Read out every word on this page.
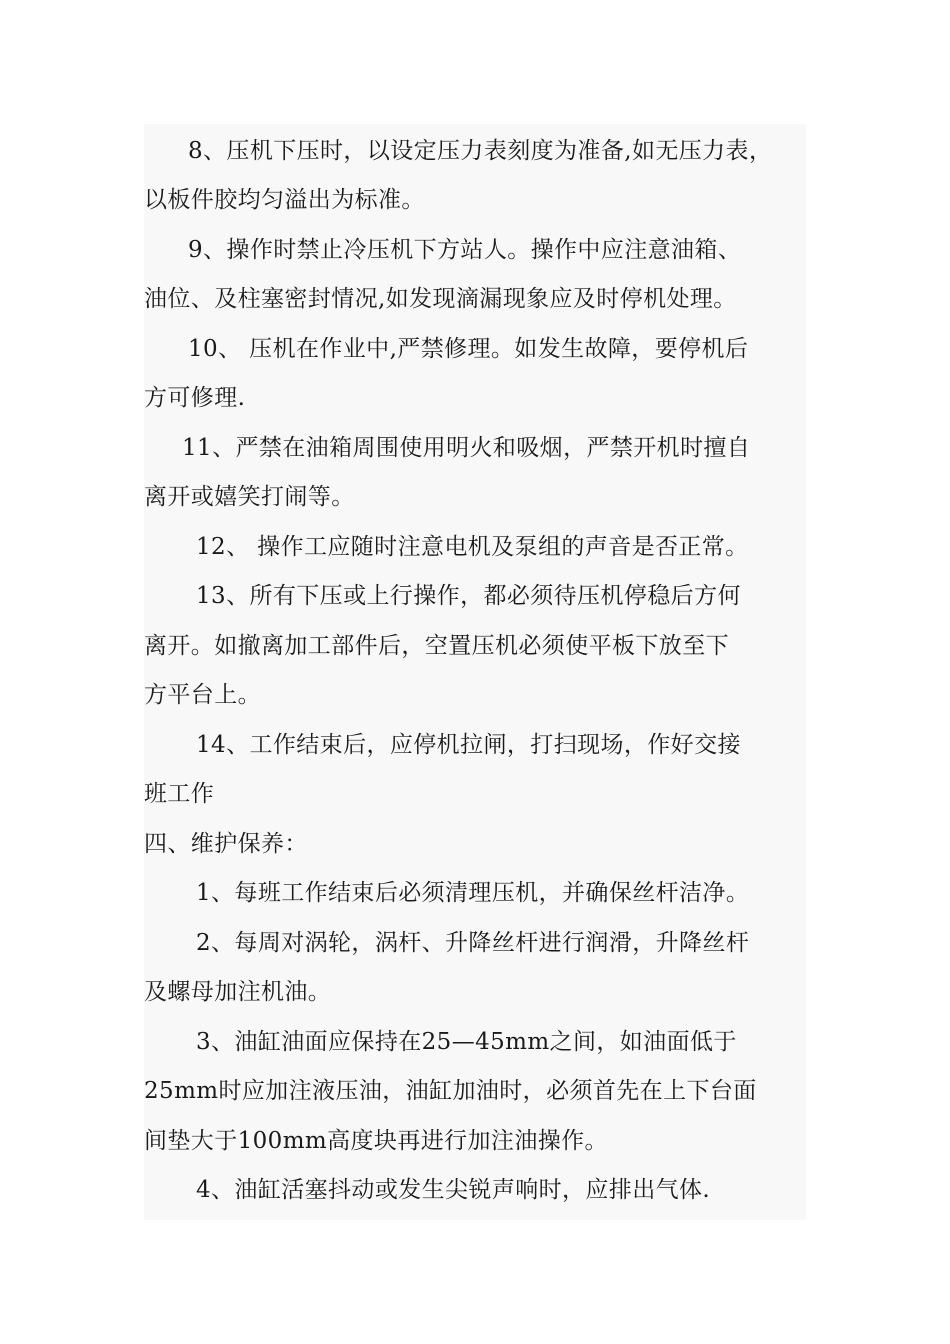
8、压机下压时，以设定压力表刻度为准备,如无压力表，
以板件胶均匀溢出为标准。
9、操作时禁止冷压机下方站人。操作中应注意油箱、
油位、及柱塞密封情况,如发现滴漏现象应及时停机处理。
10、 压机在作业中,严禁修理。如发生故障，要停机后
方可修理.
11、严禁在油箱周围使用明火和吸烟，严禁开机时擅自
离开或嬉笑打闹等。
12、 操作工应随时注意电机及泵组的声音是否正常。
13、所有下压或上行操作，都必须待压机停稳后方何
离开。如撤离加工部件后，空置压机必须使平板下放至下
方平台上。
14、工作结束后，应停机拉闸，打扫现场，作好交接
班工作
四、维护保养：
1、每班工作结束后必须清理压机，并确保丝杆洁净。
2、每周对涡轮，涡杆、升降丝杆进行润滑，升降丝杆
及螺母加注机油。
3、油缸油面应保持在25—45mm之间，如油面低于
25mm时应加注液压油，油缸加油时，必须首先在上下台面
间垫大于100mm高度块再进行加注油操作。
4、油缸活塞抖动或发生尖锐声响时，应排出气体.
